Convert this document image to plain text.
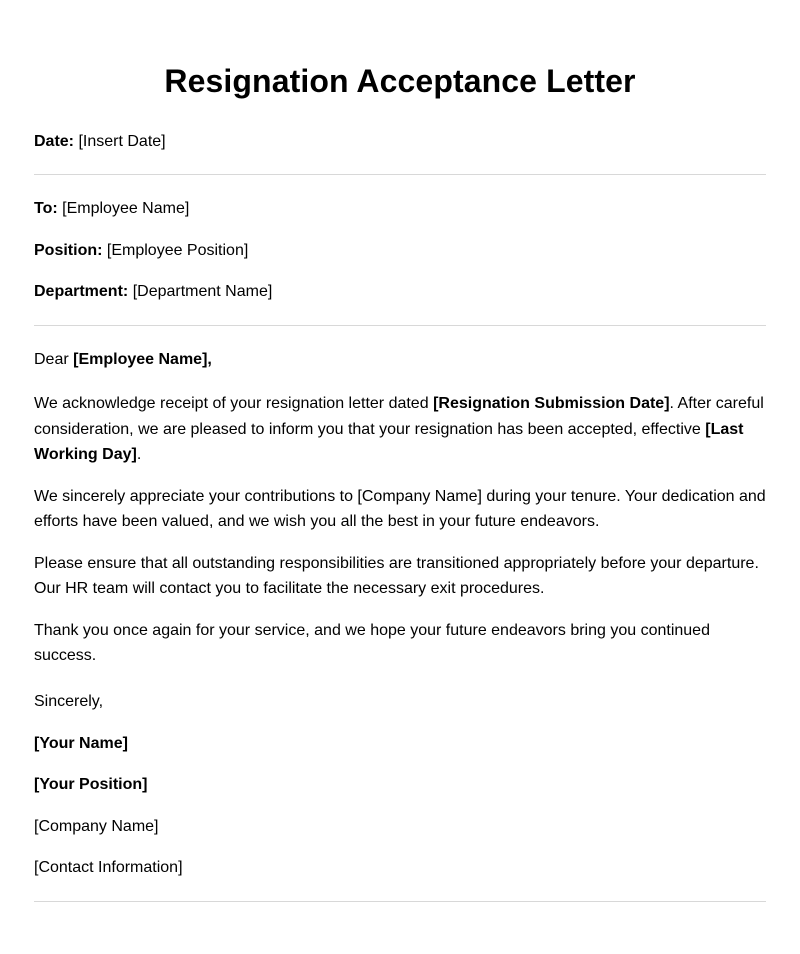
Resignation Acceptance Letter

Date: [Insert Date]

To: [Employee Name]

Position: [Employee Position]

Department: [Department Name]

Dear [Employee Name],

We acknowledge receipt of your resignation letter dated [Resignation Submission Date]. After careful consideration, we are pleased to inform you that your resignation has been accepted, effective [Last Working Day].

We sincerely appreciate your contributions to [Company Name] during your tenure. Your dedication and efforts have been valued, and we wish you all the best in your future endeavors.

Please ensure that all outstanding responsibilities are transitioned appropriately before your departure. Our HR team will contact you to facilitate the necessary exit procedures.

Thank you once again for your service, and we hope your future endeavors bring you continued success.

Sincerely,

[Your Name]

[Your Position]

[Company Name]

[Contact Information]
